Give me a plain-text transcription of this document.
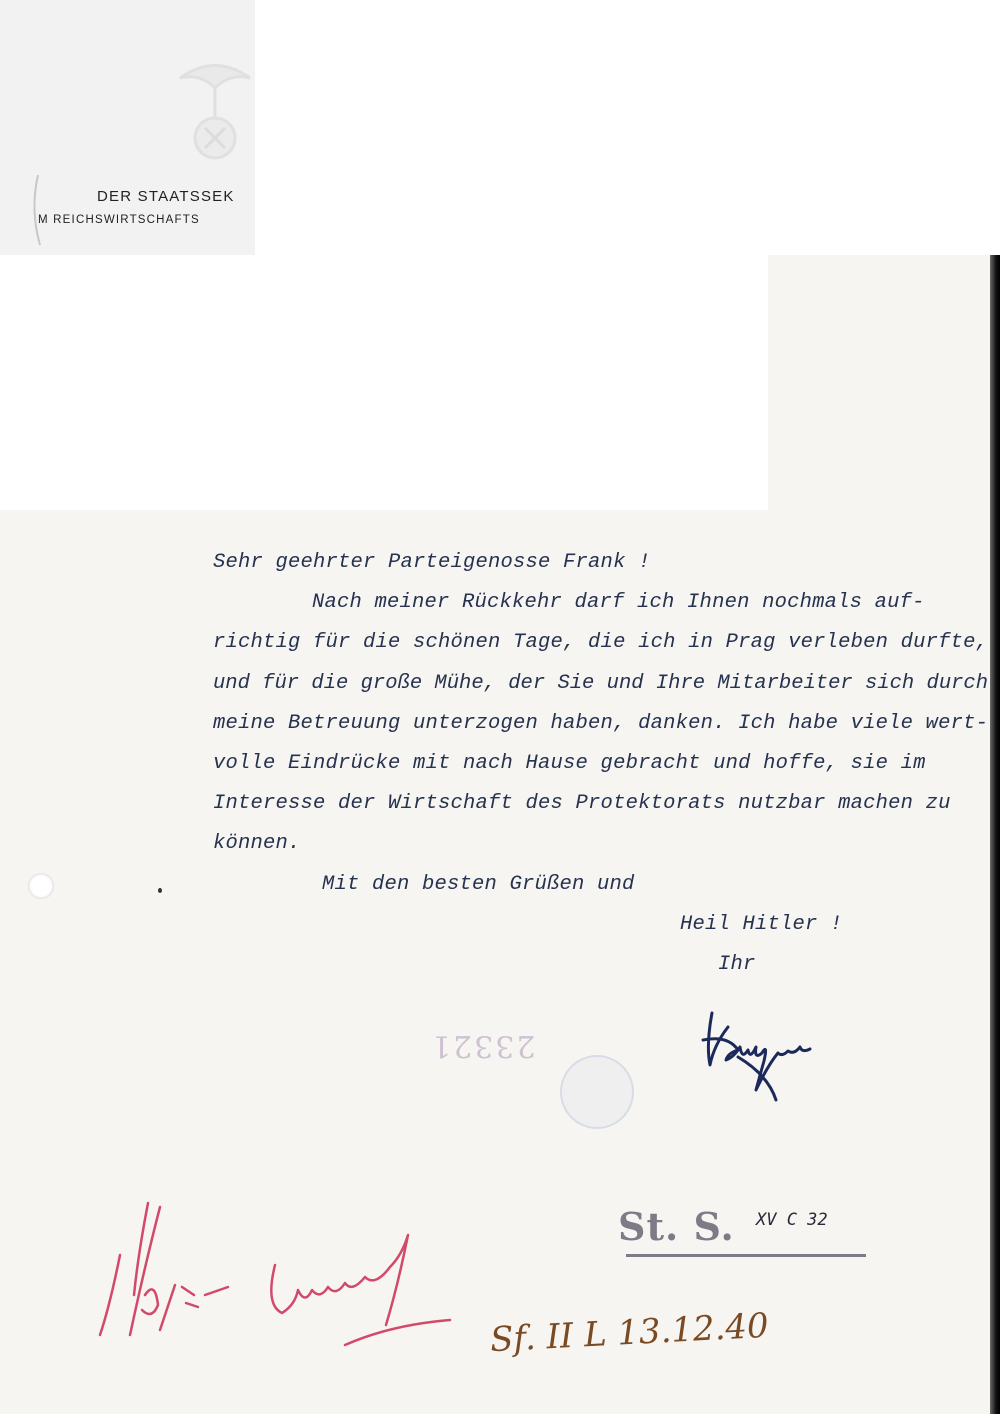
DER STAATSSEK
M REICHSWIRTSCHAFTS
Sehr geehrter Parteigenosse Frank !
Nach meiner Rückkehr darf ich Ihnen nochmals auf-
richtig für die schönen Tage, die ich in Prag verleben durfte,
und für die große Mühe, der Sie und Ihre Mitarbeiter sich durch
meine Betreuung unterzogen haben, danken. Ich habe viele wert-
volle Eindrücke mit nach Hause gebracht und hoffe, sie im
Interesse der Wirtschaft des Protektorats nutzbar machen zu
können.
Mit den besten Grüßen und
Heil Hitler !
Ihr
23321
St. S. XV C 32
Sf. II L 13.12.40
